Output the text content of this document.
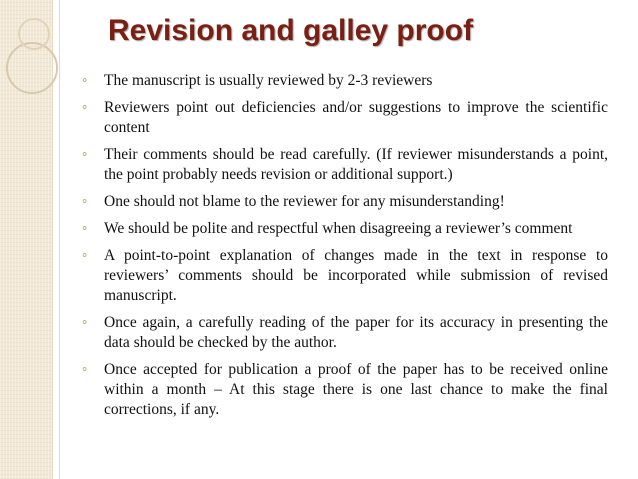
Revision and galley proof
⚬ The manuscript is usually reviewed by 2-3 reviewers
⚬ Reviewers point out deficiencies and/or suggestions to improve the scientific content
⚬ Their comments should be read carefully. (If reviewer misunderstands a point, the point probably needs revision or additional support.)
⚬ One should not blame to the reviewer for any misunderstanding!
⚬ We should be polite and respectful when disagreeing a reviewer’s comment
⚬ A point-to-point explanation of changes made in the text in response to reviewers’ comments should be incorporated while submission of revised manuscript.
⚬ Once again, a carefully reading of the paper for its accuracy in presenting the data should be checked by the author.
⚬ Once accepted for publication a proof of the paper has to be received online within a month – At this stage there is one last chance to make the final corrections, if any.
